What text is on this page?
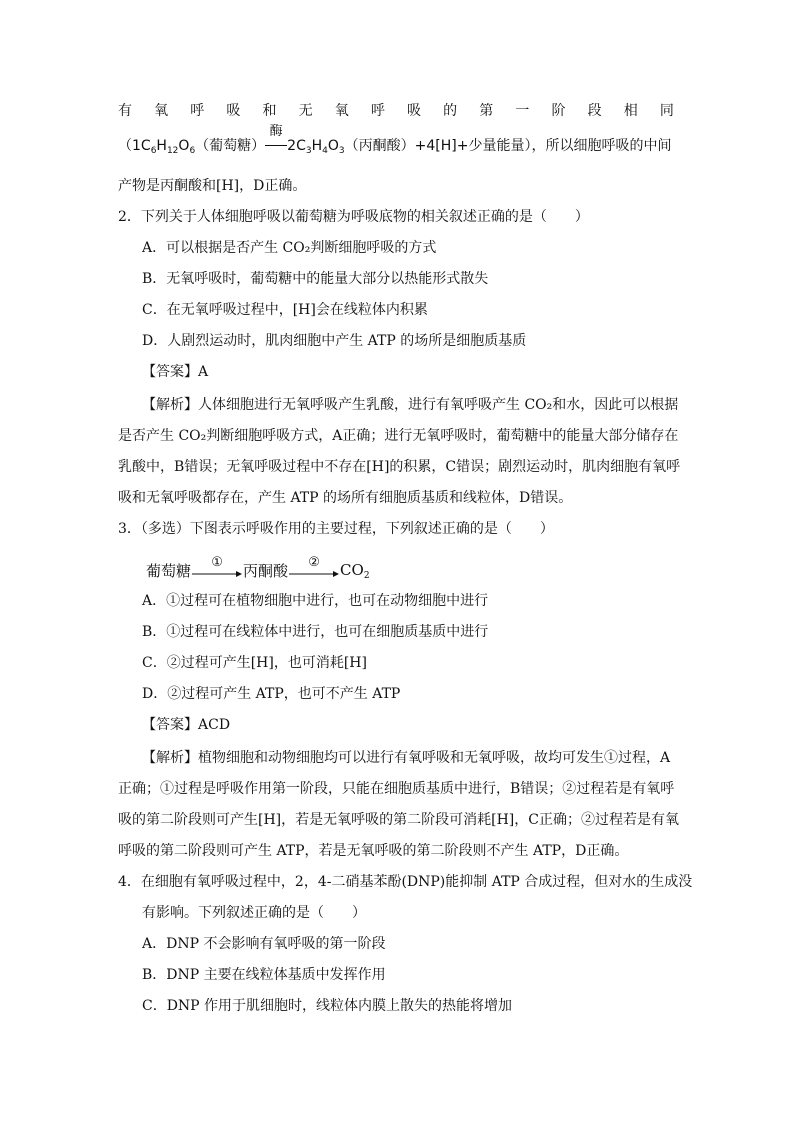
有 氧 呼 吸 和 无 氧 呼 吸 的 第 一 阶 段 相 同
（$1C_6H_{12}O_6$（葡萄糖）
酶
$2C_3H_4O_3$（丙酮酸）+4[H]+少量能量），所以细胞呼吸的中间
产物是丙酮酸和[H]，D正确。
2．下列关于人体细胞呼吸以葡萄糖为呼吸底物的相关叙述正确的是（　　）
A．可以根据是否产生 CO₂判断细胞呼吸的方式
B．无氧呼吸时，葡萄糖中的能量大部分以热能形式散失
C．在无氧呼吸过程中，[H]会在线粒体内积累
D．人剧烈运动时，肌肉细胞中产生 ATP 的场所是细胞质基质
【答案】A
【解析】人体细胞进行无氧呼吸产生乳酸，进行有氧呼吸产生 CO₂和水，因此可以根据
是否产生 CO₂判断细胞呼吸方式，A正确；进行无氧呼吸时，葡萄糖中的能量大部分储存在
乳酸中，B错误；无氧呼吸过程中不存在[H]的积累，C错误；剧烈运动时，肌肉细胞有氧呼
吸和无氧呼吸都存在，产生 ATP 的场所有细胞质基质和线粒体，D错误。
3．（多选）下图表示呼吸作用的主要过程，下列叙述正确的是（　　）
葡萄糖	①	丙酮酸	②	$CO_2$
A．①过程可在植物细胞中进行，也可在动物细胞中进行
B．①过程可在线粒体中进行，也可在细胞质基质中进行
C．②过程可产生[H]，也可消耗[H]
D．②过程可产生 ATP，也可不产生 ATP
【答案】ACD
【解析】植物细胞和动物细胞均可以进行有氧呼吸和无氧呼吸，故均可发生①过程，A
正确；①过程是呼吸作用第一阶段，只能在细胞质基质中进行，B错误；②过程若是有氧呼
吸的第二阶段则可产生[H]，若是无氧呼吸的第二阶段可消耗[H]，C正确；②过程若是有氧
呼吸的第二阶段则可产生 ATP，若是无氧呼吸的第二阶段则不产生 ATP，D正确。
4．在细胞有氧呼吸过程中，2，4-二硝基苯酚(DNP)能抑制 ATP 合成过程，但对水的生成没
有影响。下列叙述正确的是（　　）
A．DNP 不会影响有氧呼吸的第一阶段
B．DNP 主要在线粒体基质中发挥作用
C．DNP 作用于肌细胞时，线粒体内膜上散失的热能将增加
